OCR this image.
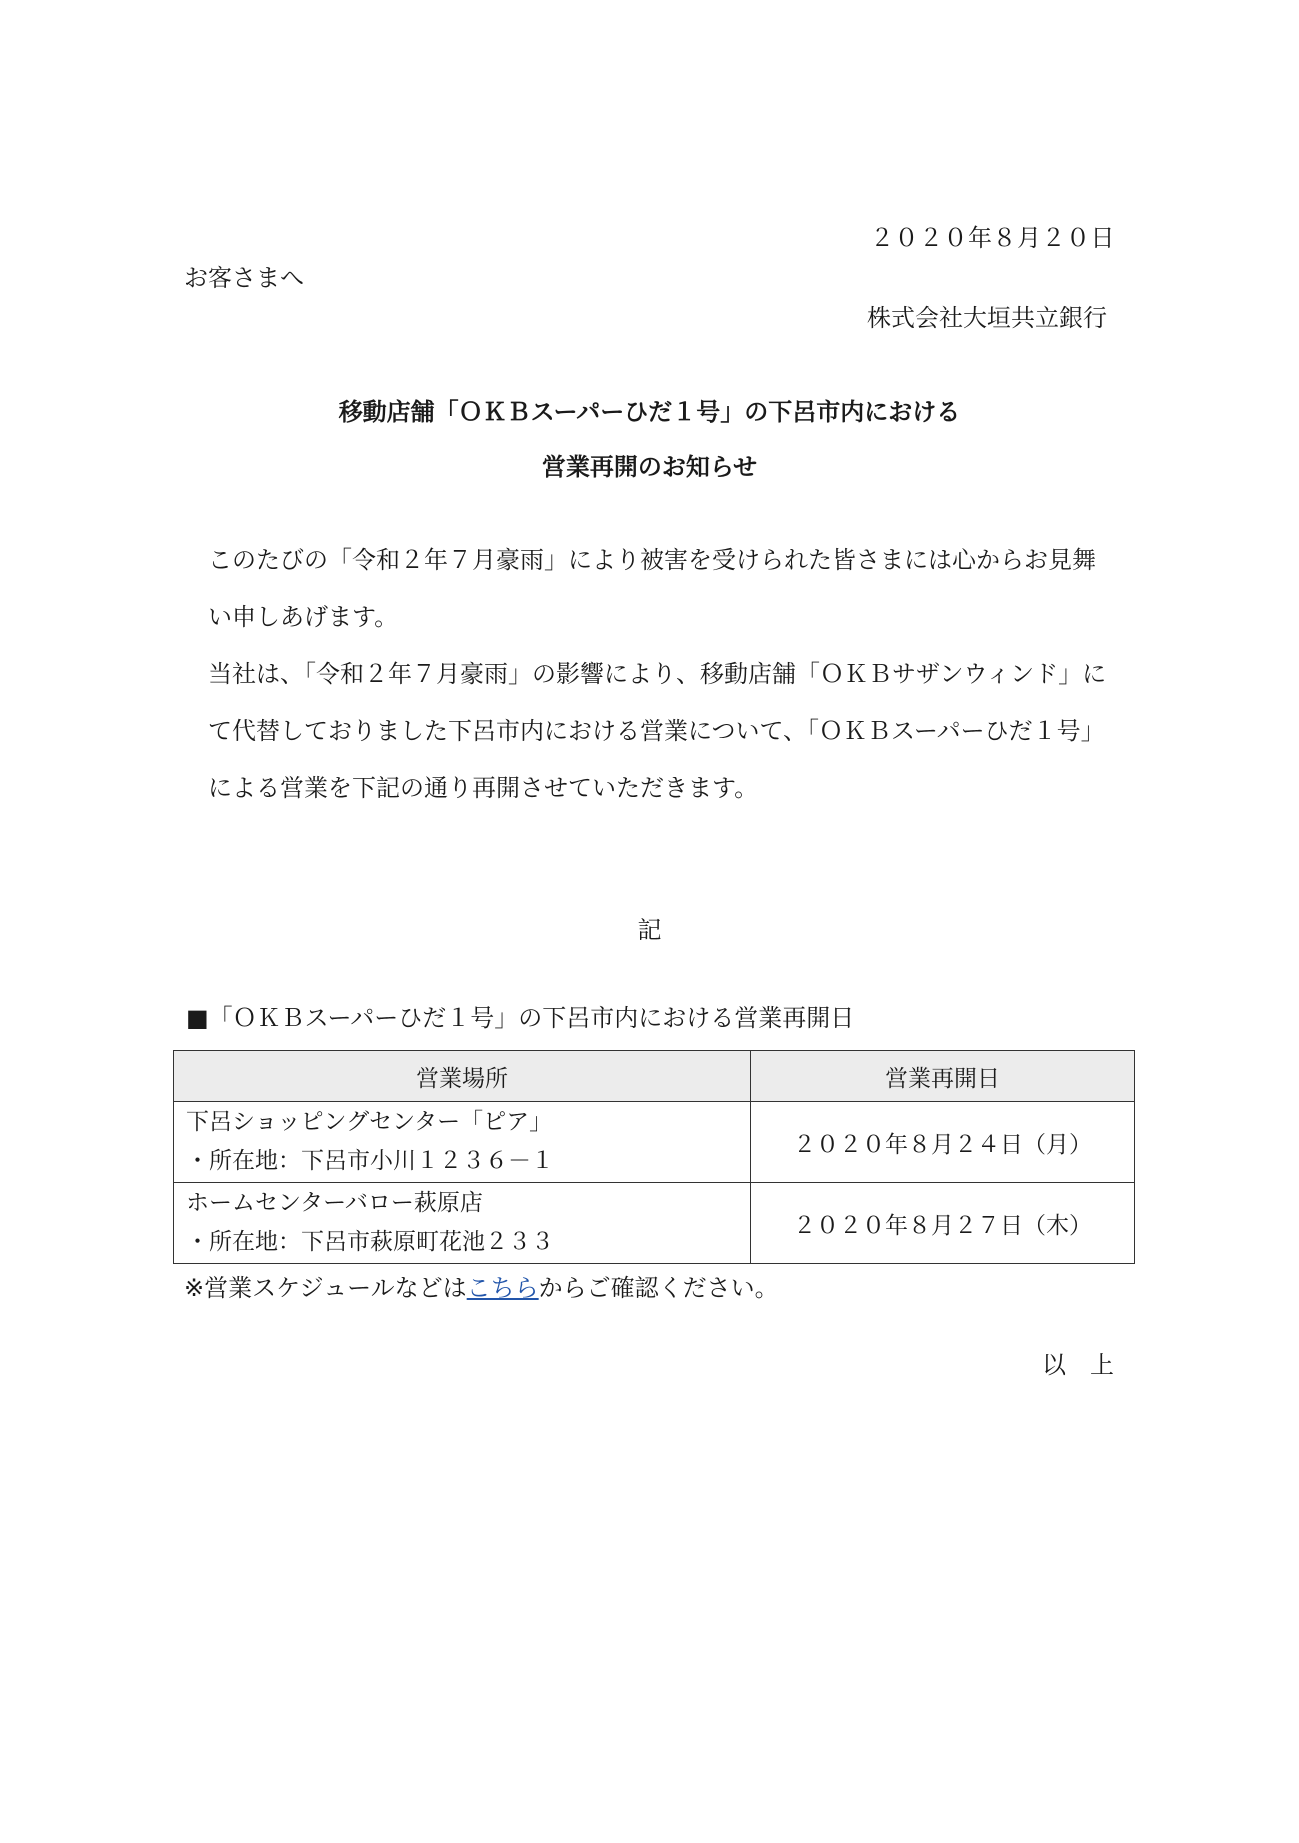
２０２０年８月２０日
お客さまへ
株式会社大垣共立銀行
移動店舗「ＯＫＢスーパーひだ１号」の下呂市内における
営業再開のお知らせ

このたびの「令和２年７月豪雨」により被害を受けられた皆さまには心からお見舞い申しあげます。

当社は、「令和２年７月豪雨」の影響により、移動店舗「ＯＫＢサザンウィンド」にて代替しておりました下呂市内における営業について、「ＯＫＢスーパーひだ１号」による営業を下記の通り再開させていただきます。

記
■「ＯＫＢスーパーひだ１号」の下呂市内における営業再開日
営業場所	営業再開日

下呂ショッピングセンター「ピア」
・所在地：下呂市小川１２３６－１	２０２０年８月２４日（月）

ホームセンターバロー萩原店
・所在地：下呂市萩原町花池２３３	２０２０年８月２７日（木）
※営業スケジュールなどはこちらからご確認ください。
以　上
